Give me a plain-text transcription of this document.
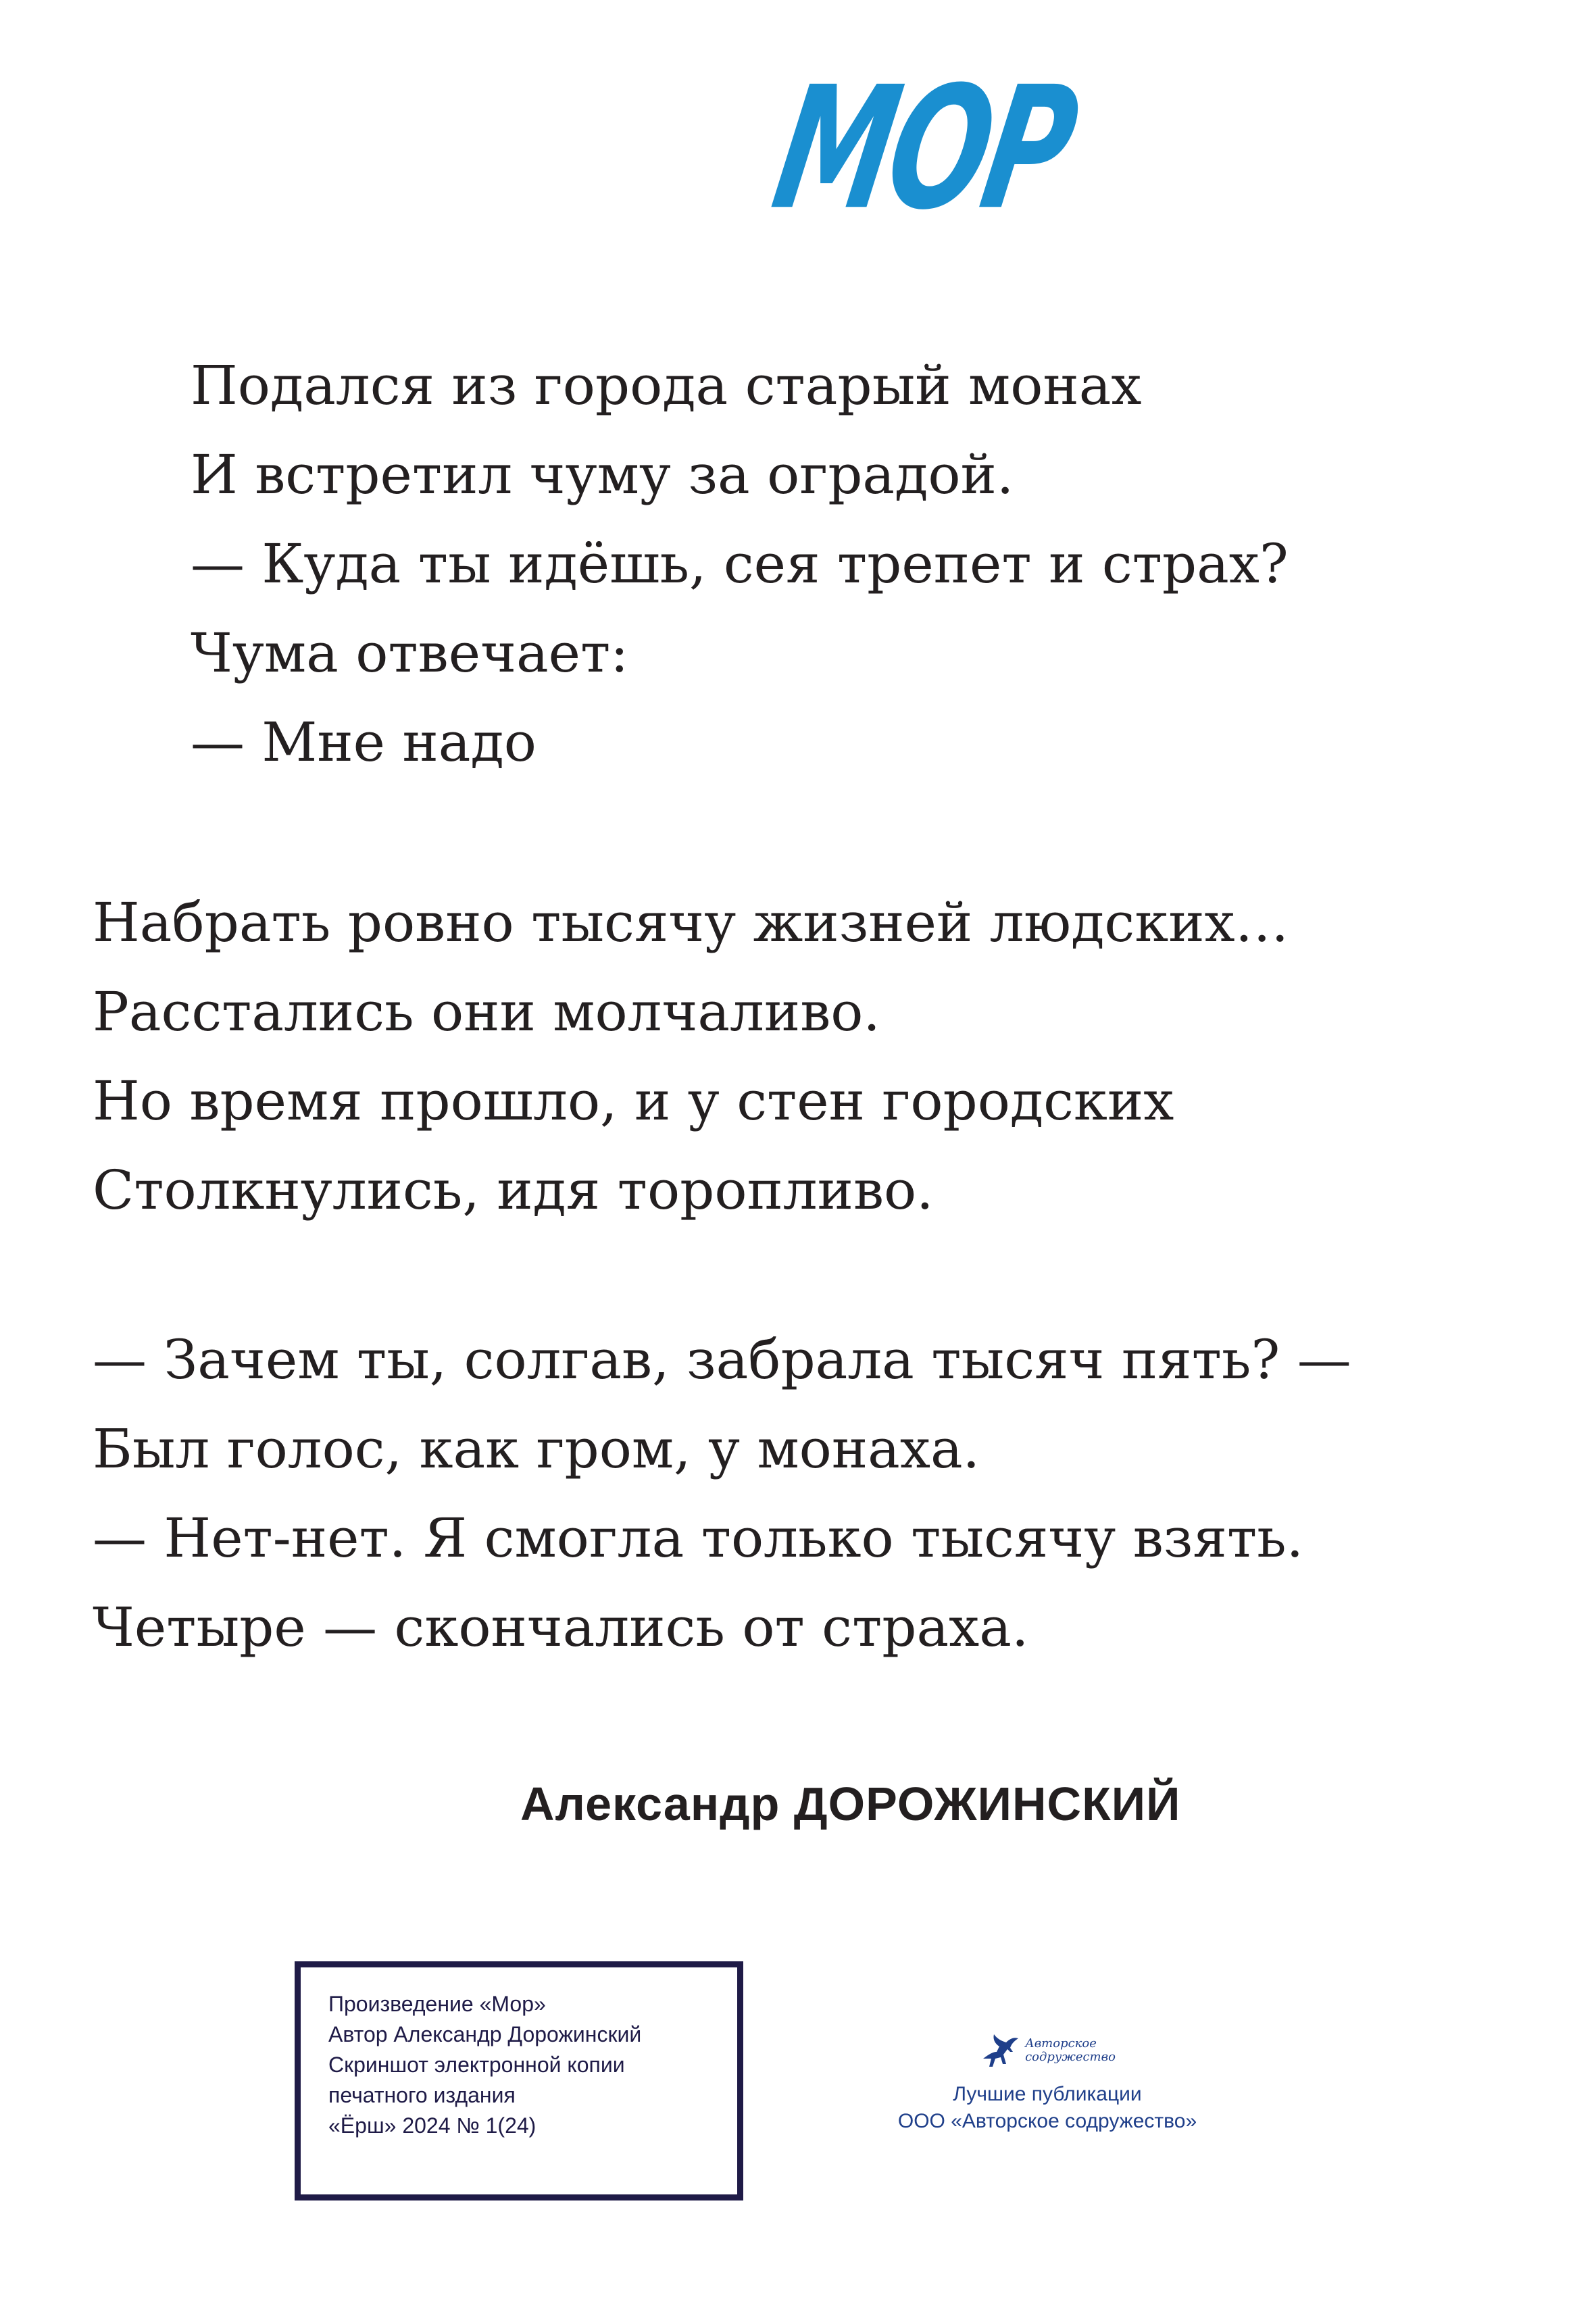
МОР
Подался из города старый монах
И встретил чуму за оградой.
— Куда ты идёшь, сея трепет и страх?
Чума отвечает:
— Мне надо
Набрать ровно тысячу жизней людских…
Расстались они молчаливо.
Но время прошло, и у стен городских
Столкнулись, идя торопливо.
— Зачем ты, солгав, забрала тысяч пять? —
Был голос, как гром, у монаха.
— Нет-нет. Я смогла только тысячу взять.
Четыре — скончались от страха.
Александр ДОРОЖИНСКИЙ
Произведение «Мор»
Автор Александр Дорожинский
Скриншот электронной копии
печатного издания
«Ёрш» 2024 № 1(24)
Авторское
содружество
Лучшие публикации
ООО «Авторское содружество»
